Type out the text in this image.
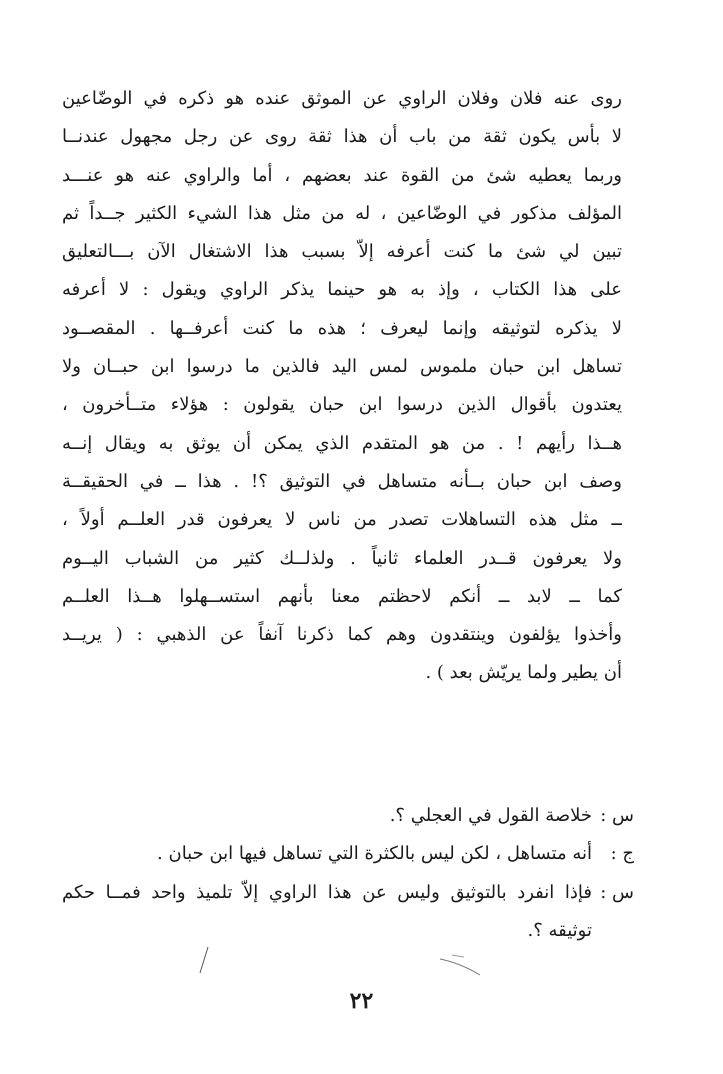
روى عنه فلان وفلان الراوي عن الموثق عنده هو ذكره في الوضّاعين
لا بأس يكون ثقة من باب أن هذا ثقة روى عن رجل مجهول عندنــا
وربما يعطيه شئ من القوة عند بعضهم ، أما والراوي عنه هو عنـــد
المؤلف مذكور في الوضّاعين ، له من مثل هذا الشيء الكثير جــداً ثم
تبين لي شئ ما كنت أعرفه إلاّ بسبب هذا الاشتغال الآن بـــالتعليق
على هذا الكتاب ، وإذ به هو حينما يذكر الراوي ويقول : لا أعرفه
لا يذكره لتوثيقه وإنما ليعرف ؛ هذه ما كنت أعرفــها . المقصــود
تساهل ابن حبان ملموس لمس اليد فالذين ما درسوا ابن حبــان ولا
يعتدون بأقوال الذين درسوا ابن حبان يقولون : هؤلاء متــأخرون ،
هــذا رأيهم ! . من هو المتقدم الذي يمكن أن يوثق به ويقال إنــه
وصف ابن حبان بــأنه متساهل في التوثيق ؟! . هذا ــ في الحقيقــة
ــ مثل هذه التساهلات تصدر من ناس لا يعرفون قدر العلــم أولاً ،
ولا يعرفون قــدر العلماء ثانياً . ولذلــك كثير من الشباب اليــوم
كما ــ لابد ــ أنكم لاحظتم معنا بأنهم استســهلوا هــذا العلــم
وأخذوا يؤلفون وينتقدون وهم كما ذكرنا آنفاً عن الذهبي : ( يريــد
أن يطير ولما يريّش بعد ) .
س :
خلاصة القول في العجلي ؟.
ج :
أنه متساهل ، لكن ليس بالكثرة التي تساهل فيها ابن حبان .
س :
فإذا انفرد بالتوثيق وليس عن هذا الراوي إلاّ تلميذ واحد فمــا حكم
توثيقه ؟.
٢٢
